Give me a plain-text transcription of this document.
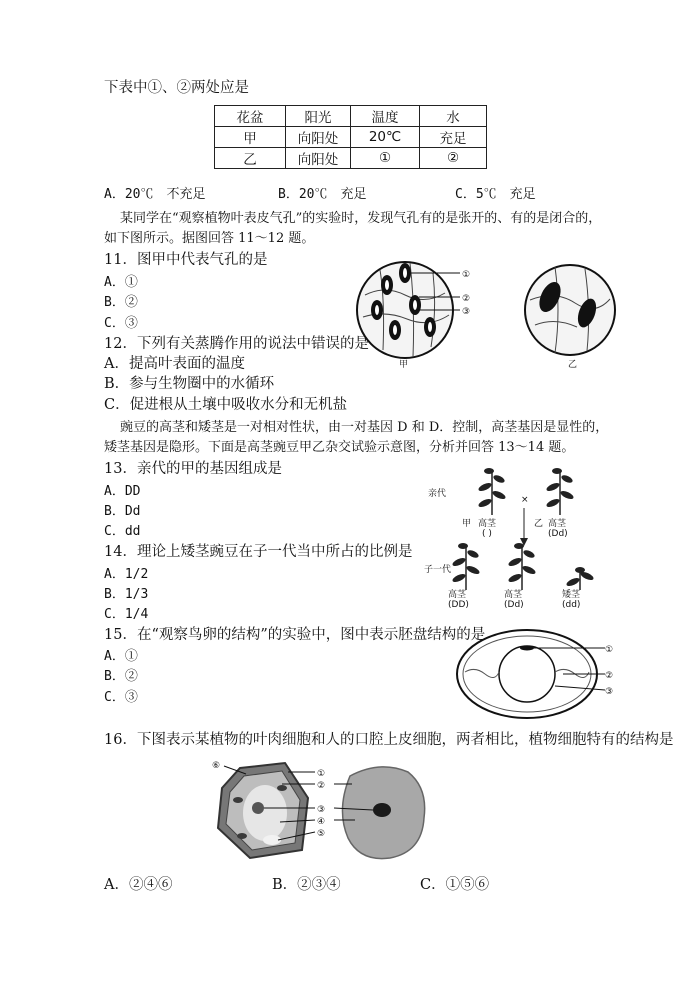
下表中①、②两处应是
花盆	阳光	温度	水
甲	向阳处	20℃	充足
乙	向阳处	①	②
A．20℃　不充足	B．20℃　充足	C．5℃　充足
某同学在“观察植物叶表皮气孔”的实验时，发现气孔有的是张开的、有的是闭合的，
如下图所示。据图回答 11～12 题。
11．图甲中代表气孔的是
A．①
B．②
C．③
12．下列有关蒸腾作用的说法中错误的是
A．提高叶表面的温度
B．参与生物圈中的水循环
C．促进根从土壤中吸收水分和无机盐
①
②
③
甲	乙
豌豆的高茎和矮茎是一对相对性状，由一对基因 D 和 D．控制，高茎基因是显性的，
矮茎基因是隐形。下面是高茎豌豆甲乙杂交试验示意图，分析并回答 13～14 题。
13．亲代的甲的基因组成是
A．DD
B．Dd
C．dd
14．理论上矮茎豌豆在子一代当中所占的比例是
A．1/2
B．1/3
C．1/4
亲代
×
甲 高茎
( )
乙 高茎
(Dd)
子一代
高茎
(DD)
高茎
(Dd)
矮茎
(dd)
15．在“观察鸟卵的结构”的实验中，图中表示胚盘结构的是
A．①
B．②
C．③
①
②
③
16．下图表示某植物的叶肉细胞和人的口腔上皮细胞，两者相比，植物细胞特有的结构是
⑥
①
②
③
④
⑤
A．②④⑥	B．②③④	C．①⑤⑥
